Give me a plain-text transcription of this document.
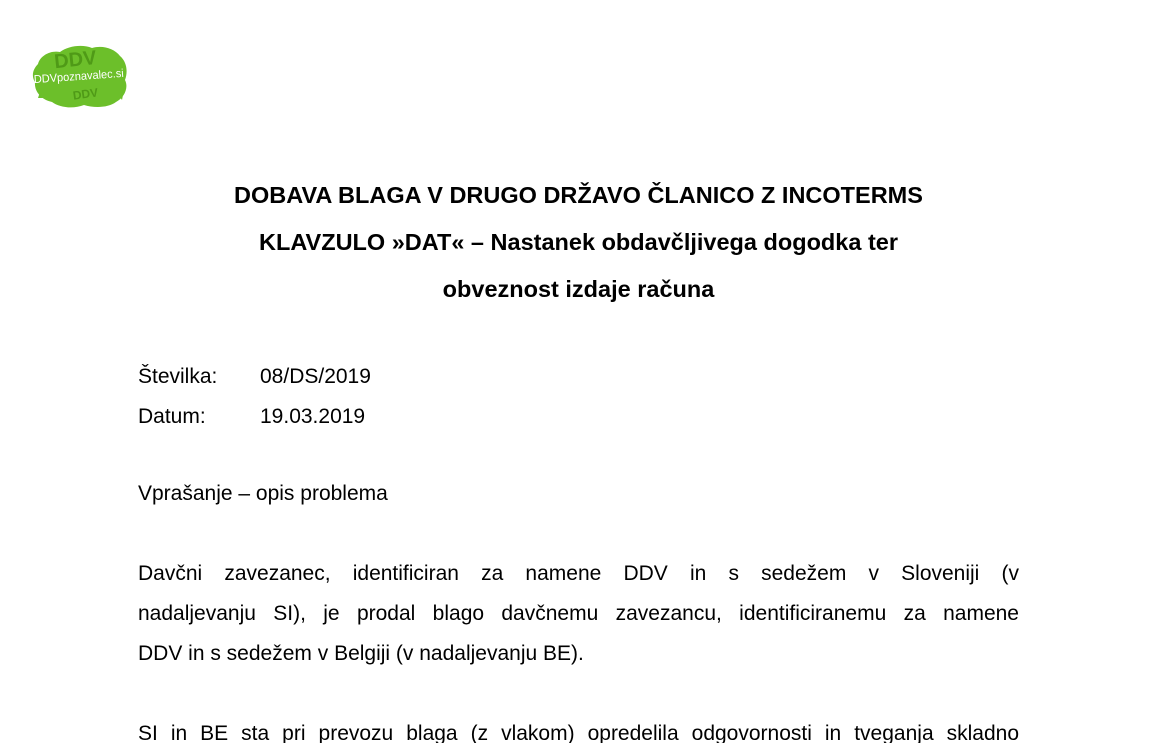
DDV
DDVpoznavalec.si
DDV
DOBAVA BLAGA V DRUGO DRŽAVO ČLANICO Z INCOTERMS
KLAVZULO »DAT« – Nastanek obdavčljivega dogodka ter
obveznost izdaje računa
Številka:	08/DS/2019
Datum:	19.03.2019
Vprašanje – opis problema

Davčni zavezanec, identificiran za namene DDV in s sedežem v Sloveniji (v
nadaljevanju SI), je prodal blago davčnemu zavezancu, identificiranemu za namene
DDV in s sedežem v Belgiji (v nadaljevanju BE).

SI in BE sta pri prevozu blaga (z vlakom) opredelila odgovornosti in tveganja skladno
